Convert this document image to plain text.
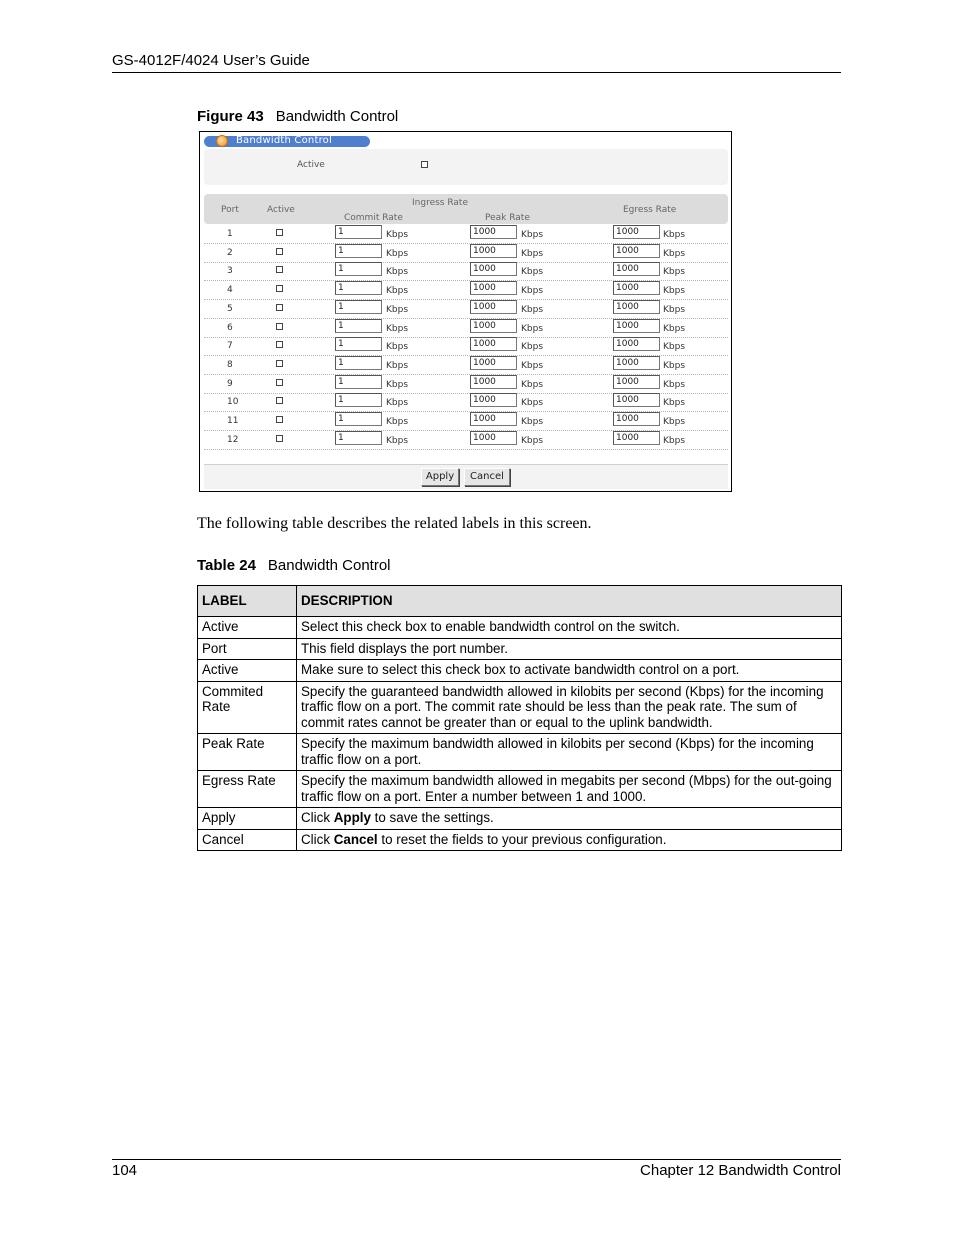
GS-4012F/4024 User’s Guide
Figure 43 Bandwidth Control
Bandwidth Control
Active
Port	Active
Ingress Rate
Commit Rate	Peak Rate
Egress Rate
1	1	Kbps	1000	Kbps	1000	Kbps
2	1	Kbps	1000	Kbps	1000	Kbps
3	1	Kbps	1000	Kbps	1000	Kbps
4	1	Kbps	1000	Kbps	1000	Kbps
5	1	Kbps	1000	Kbps	1000	Kbps
6	1	Kbps	1000	Kbps	1000	Kbps
7	1	Kbps	1000	Kbps	1000	Kbps
8	1	Kbps	1000	Kbps	1000	Kbps
9	1	Kbps	1000	Kbps	1000	Kbps
10	1	Kbps	1000	Kbps	1000	Kbps
11	1	Kbps	1000	Kbps	1000	Kbps
12	1	Kbps	1000	Kbps	1000	Kbps
Apply	Cancel
The following table describes the related labels in this screen.
Table 24 Bandwidth Control
LABEL	DESCRIPTION
Active	Select this check box to enable bandwidth control on the switch.
Port	This field displays the port number.
Active	Make sure to select this check box to activate bandwidth control on a port.
Commited Rate	Specify the guaranteed bandwidth allowed in kilobits per second (Kbps) for the incoming traffic flow on a port. The commit rate should be less than the peak rate. The sum of commit rates cannot be greater than or equal to the uplink bandwidth.
Peak Rate	Specify the maximum bandwidth allowed in kilobits per second (Kbps) for the incoming traffic flow on a port.
Egress Rate	Specify the maximum bandwidth allowed in megabits per second (Mbps) for the out-going traffic flow on a port. Enter a number between 1 and 1000.
Apply	Click Apply to save the settings.
Cancel	Click Cancel to reset the fields to your previous configuration.
104	Chapter 12 Bandwidth Control
